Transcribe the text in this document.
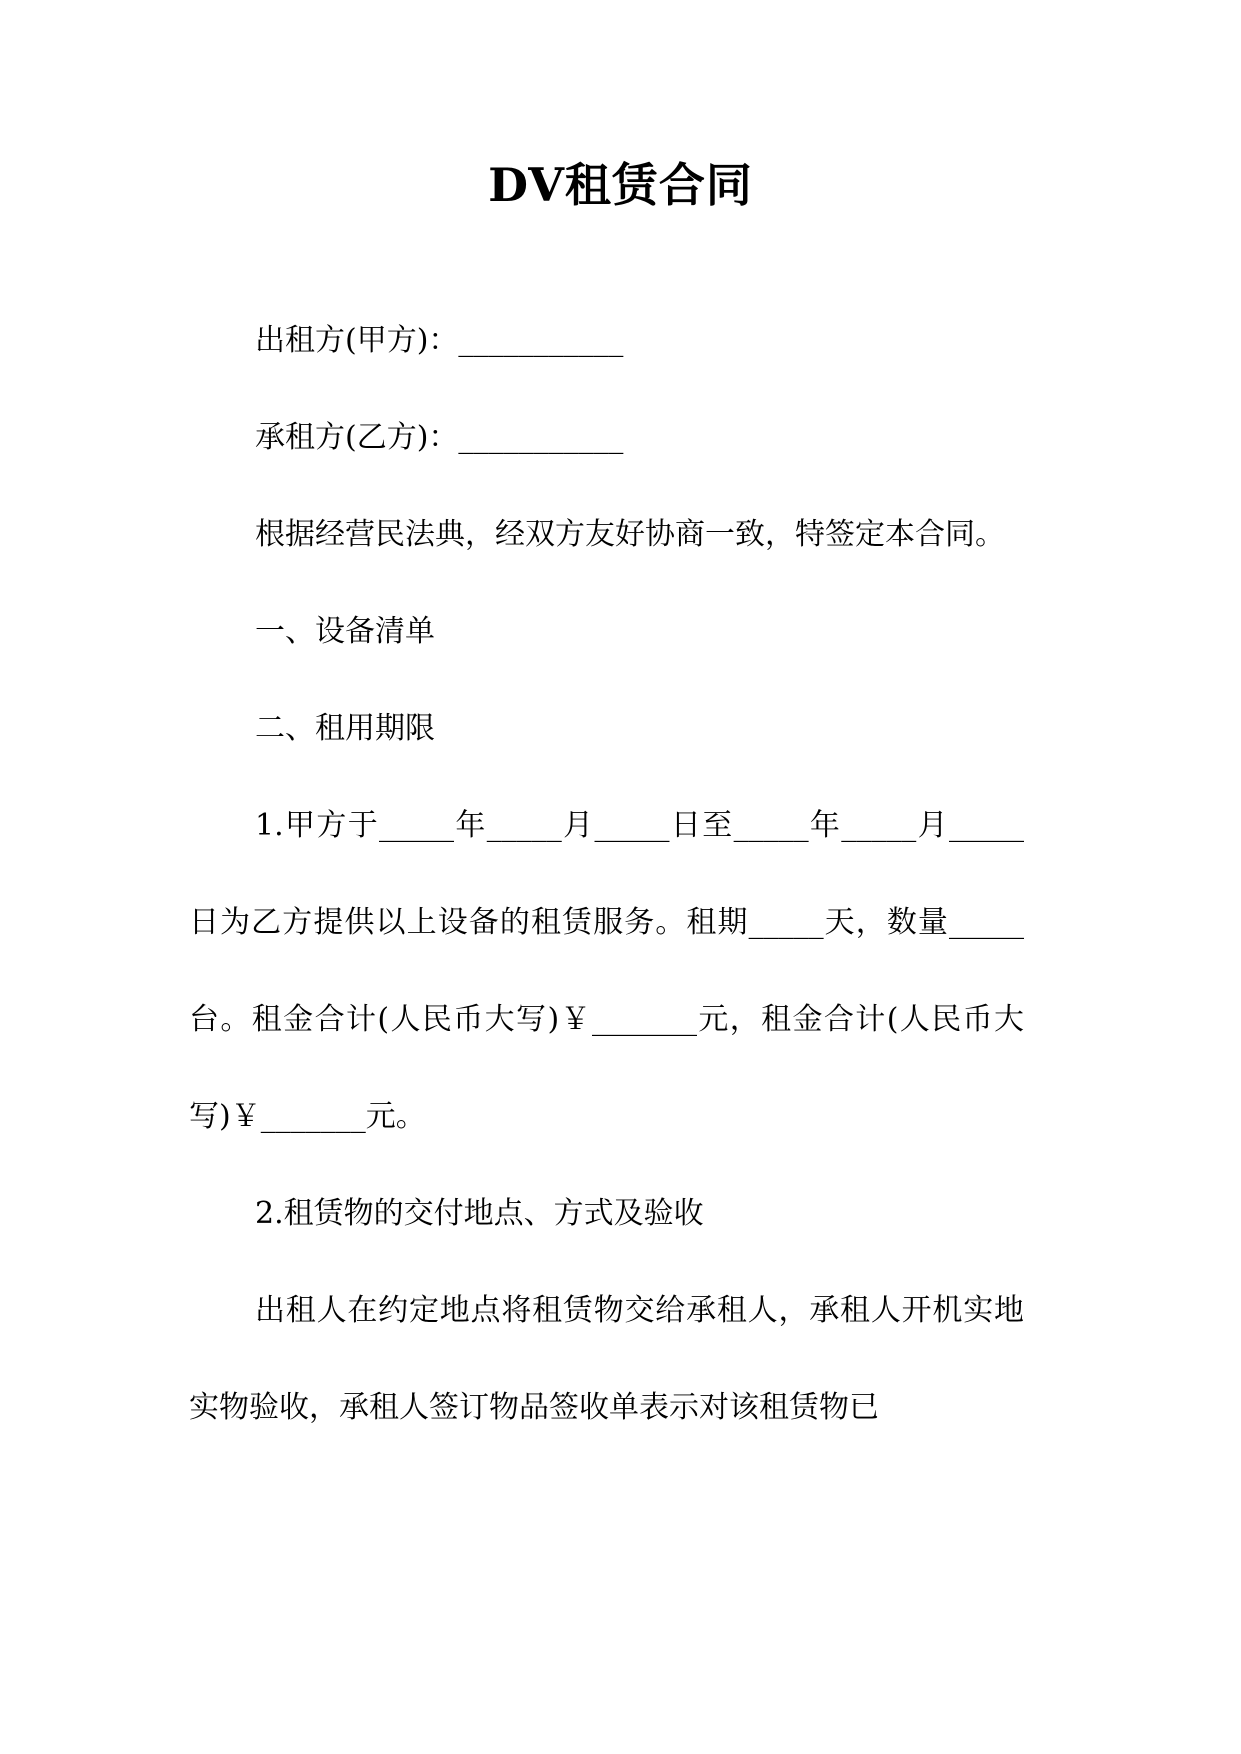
DV租赁合同

出租方(甲方)：___________

承租方(乙方)：___________

根据经营民法典，经双方友好协商一致，特签定本合同。

一、设备清单

二、租用期限

1.甲方于_____年_____月_____日至_____年_____月_____日为乙方提供以上设备的租赁服务。租期_____天，数量_____台。租金合计(人民币大写)￥_______元，租金合计(人民币大写)￥_______元。

2.租赁物的交付地点、方式及验收

出租人在约定地点将租赁物交给承租人，承租人开机实地实物验收，承租人签订物品签收单表示对该租赁物已
